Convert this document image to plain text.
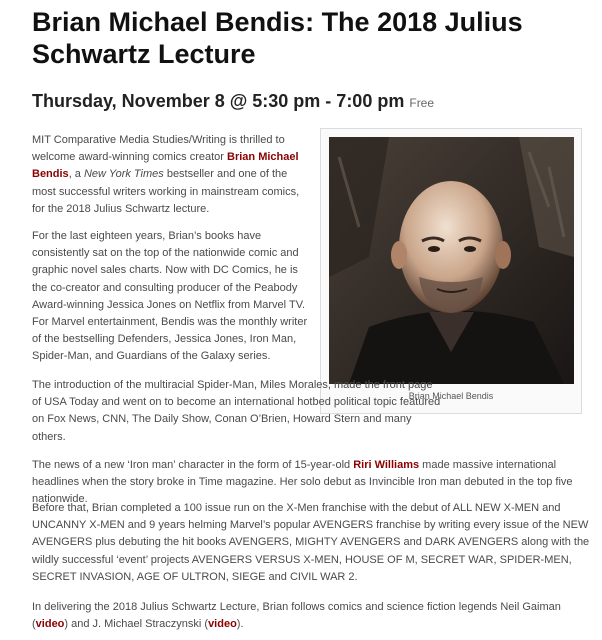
Brian Michael Bendis: The 2018 Julius Schwartz Lecture
Thursday, November 8 @ 5:30 pm - 7:00 pm Free
Brian Michael Bendis

MIT Comparative Media Studies/Writing is thrilled to welcome award-winning comics creator Brian Michael Bendis, a New York Times bestseller and one of the most successful writers working in mainstream comics, for the 2018 Julius Schwartz lecture.

For the last eighteen years, Brian’s books have consistently sat on the top of the nationwide comic and graphic novel sales charts. Now with DC Comics, he is the co-creator and consulting producer of the Peabody Award-winning Jessica Jones on Netflix from Marvel TV. For Marvel entertainment, Bendis was the monthly writer of the bestselling Defenders, Jessica Jones, Iron Man, Spider-Man, and Guardians of the Galaxy series.

The introduction of the multiracial Spider-Man, Miles Morales, made the front page of USA Today and went on to become an international hotbed political topic featured on Fox News, CNN, The Daily Show, Conan O’Brien, Howard Stern and many others.

The news of a new ‘Iron man’ character in the form of 15-year-old Riri Williams made massive international headlines when the story broke in Time magazine. Her solo debut as Invincible Iron man debuted in the top five nationwide.

Before that, Brian completed a 100 issue run on the X-Men franchise with the debut of ALL NEW X-MEN and UNCANNY X-MEN and 9 years helming Marvel’s popular AVENGERS franchise by writing every issue of the NEW AVENGERS plus debuting the hit books AVENGERS, MIGHTY AVENGERS and DARK AVENGERS along with the wildly successful ‘event’ projects AVENGERS VERSUS X-MEN, HOUSE OF M, SECRET WAR, SPIDER-MEN, SECRET INVASION, AGE OF ULTRON, SIEGE and CIVIL WAR 2.

In delivering the 2018 Julius Schwartz Lecture, Brian follows comics and science fiction legends Neil Gaiman (video) and J. Michael Straczynski (video).
